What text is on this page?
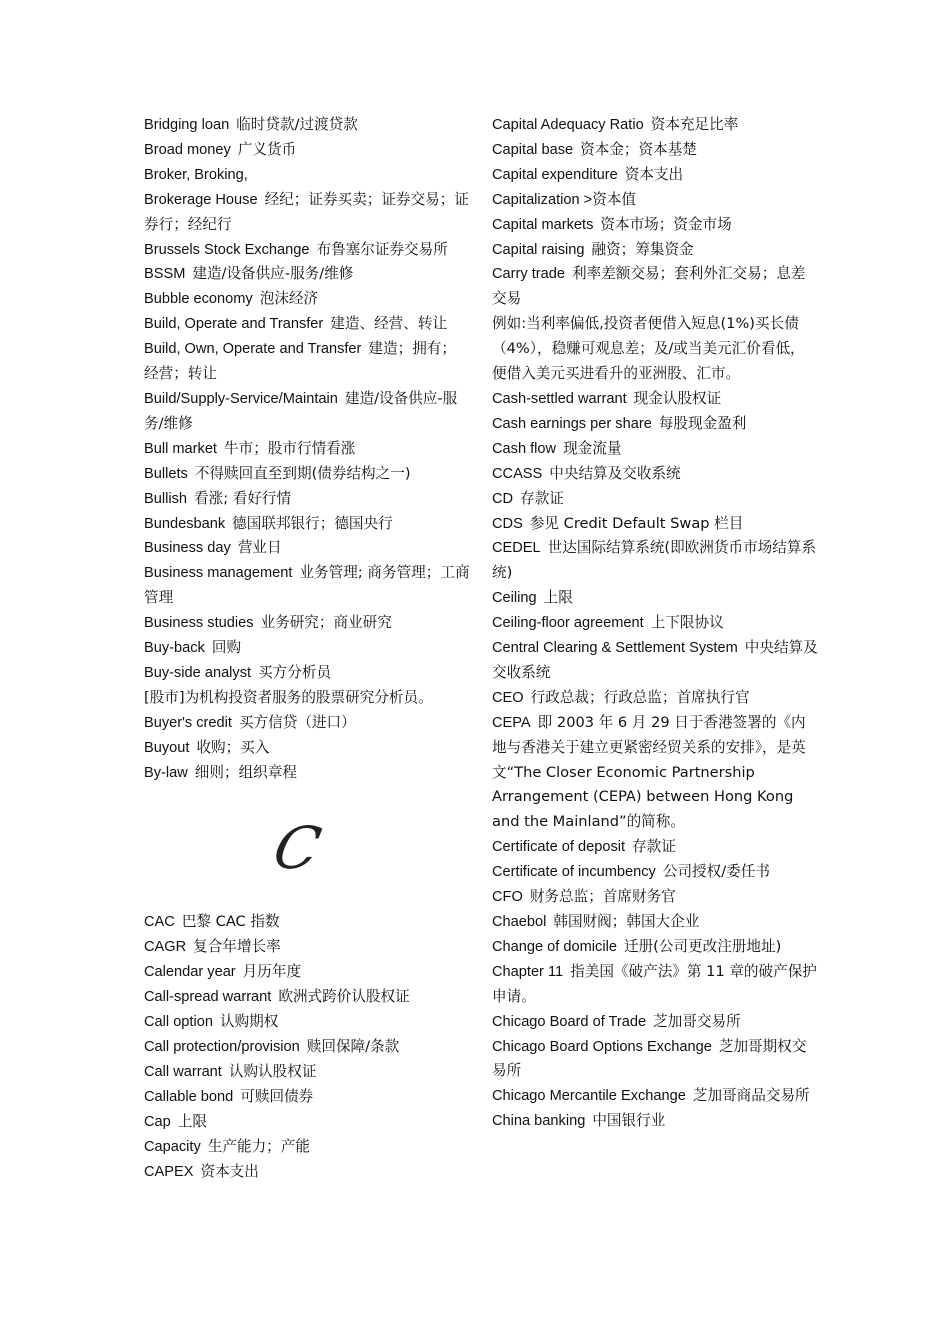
Bridging loan 临时贷款/过渡贷款

Broad money 广义货币

Broker, Broking,

Brokerage House 经纪；证券买卖；证券交易；证券行；经纪行

Brussels Stock Exchange 布鲁塞尔证券交易所

BSSM 建造/设备供应-服务/维修

Bubble economy 泡沫经济

Build, Operate and Transfer 建造、经营、转让

Build, Own, Operate and Transfer 建造；拥有；经营；转让

Build/Supply-Service/Maintain 建造/设备供应-服务/维修

Bull market 牛市；股市行情看涨

Bullets 不得赎回直至到期(债券结构之一)

Bullish 看涨; 看好行情

Bundesbank 德国联邦银行；德国央行

Business day 营业日

Business management 业务管理; 商务管理；工商管理

Business studies 业务研究；商业研究

Buy-back 回购

Buy-side analyst 买方分析员

[股市]为机构投资者服务的股票研究分析员。

Buyer's credit 买方信贷（进口）

Buyout 收购；买入

By-law 细则；组织章程

C

CAC 巴黎 CAC 指数

CAGR 复合年增长率

Calendar year 月历年度

Call-spread warrant 欧洲式跨价认股权证

Call option 认购期权

Call protection/provision 赎回保障/条款

Call warrant 认购认股权证

Callable bond 可赎回债券

Cap 上限

Capacity 生产能力；产能

CAPEX 资本支出

Capital Adequacy Ratio 资本充足比率

Capital base 资本金；资本基楚

Capital expenditure 资本支出

Capitalization >资本值

Capital markets 资本市场；资金市场

Capital raising 融资；筹集资金

Carry trade 利率差额交易；套利外汇交易；息差交易

例如:当利率偏低,投资者便借入短息(1%)买长债（4%），稳赚可观息差；及/或当美元汇价看低，便借入美元买进看升的亚洲股、汇市。

Cash-settled warrant 现金认股权证

Cash earnings per share 每股现金盈利

Cash flow 现金流量

CCASS 中央结算及交收系统

CD 存款证

CDS 参见 Credit Default Swap 栏目

CEDEL 世达国际结算系统(即欧洲货币市场结算系统)

Ceiling 上限

Ceiling-floor agreement 上下限协议

Central Clearing & Settlement System 中央结算及交收系统

CEO 行政总裁；行政总监；首席执行官

CEPA 即 2003 年 6 月 29 日于香港签署的《内地与香港关于建立更紧密经贸关系的安排》，是英文“The Closer Economic Partnership Arrangement (CEPA) between Hong Kong and the Mainland”的简称。

Certificate of deposit 存款证

Certificate of incumbency 公司授权/委任书

CFO 财务总监；首席财务官

Chaebol 韩国财阀；韩国大企业

Change of domicile 迁册(公司更改注册地址)

Chapter 11 指美国《破产法》第 11 章的破产保护申请。

Chicago Board of Trade 芝加哥交易所

Chicago Board Options Exchange 芝加哥期权交易所

Chicago Mercantile Exchange 芝加哥商品交易所

China banking 中国银行业
